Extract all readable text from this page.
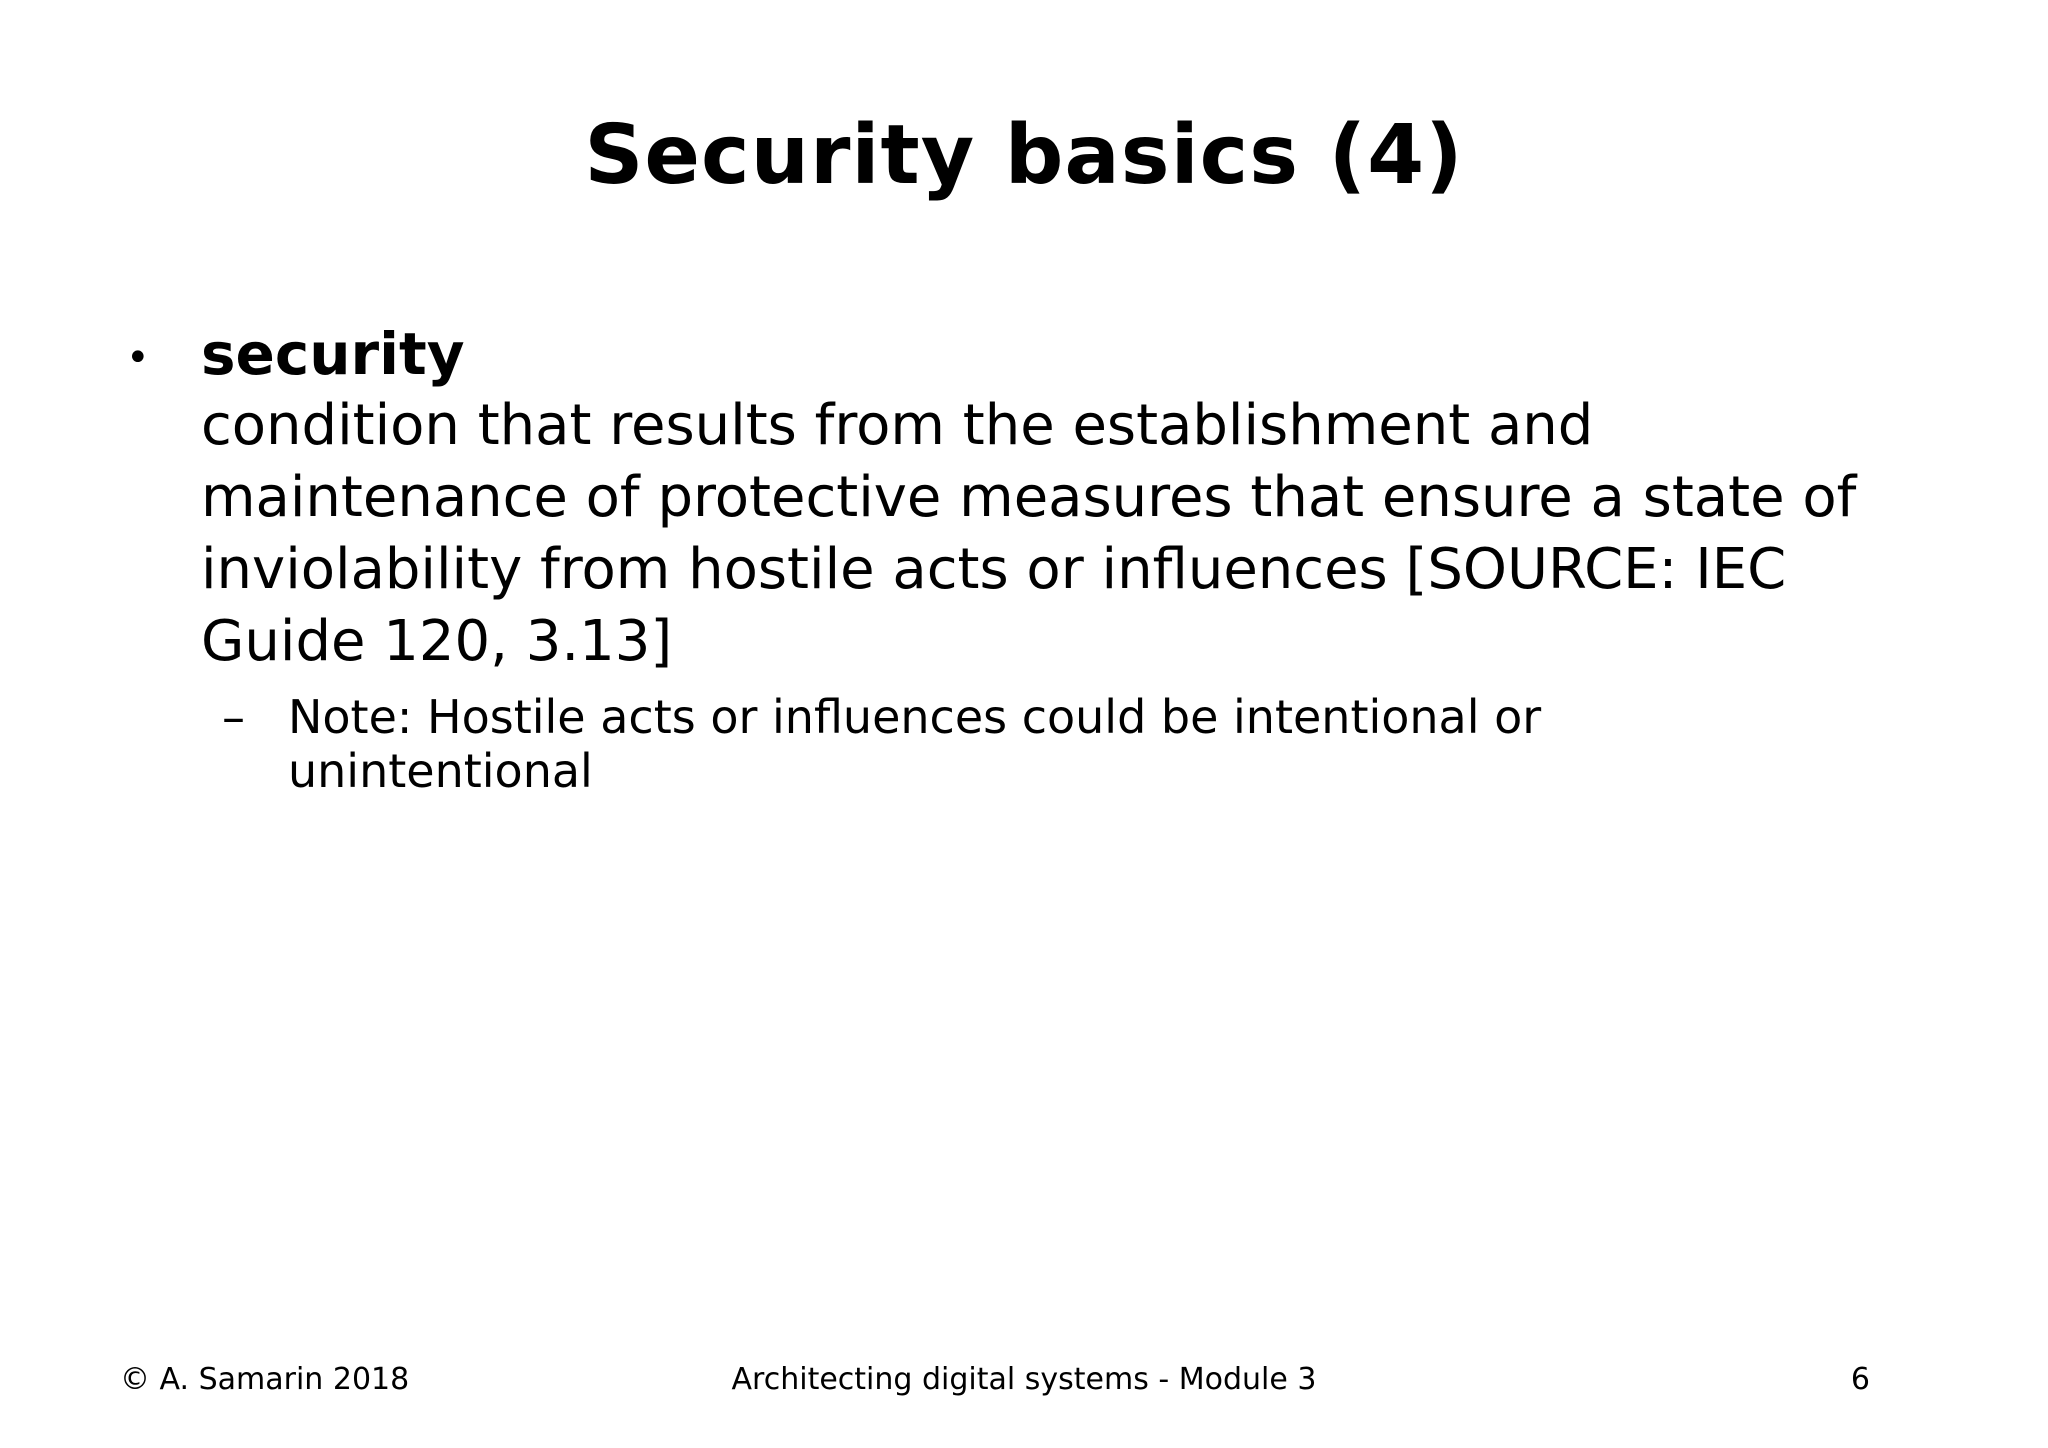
Security basics (4)
• security
condition that results from the establishment and maintenance of protective measures that ensure a state of inviolability from hostile acts or influences [SOURCE: IEC Guide 120, 3.13]
– Note: Hostile acts or influences could be intentional or unintentional
© A. Samarin 2018	Architecting digital systems - Module 3	6
